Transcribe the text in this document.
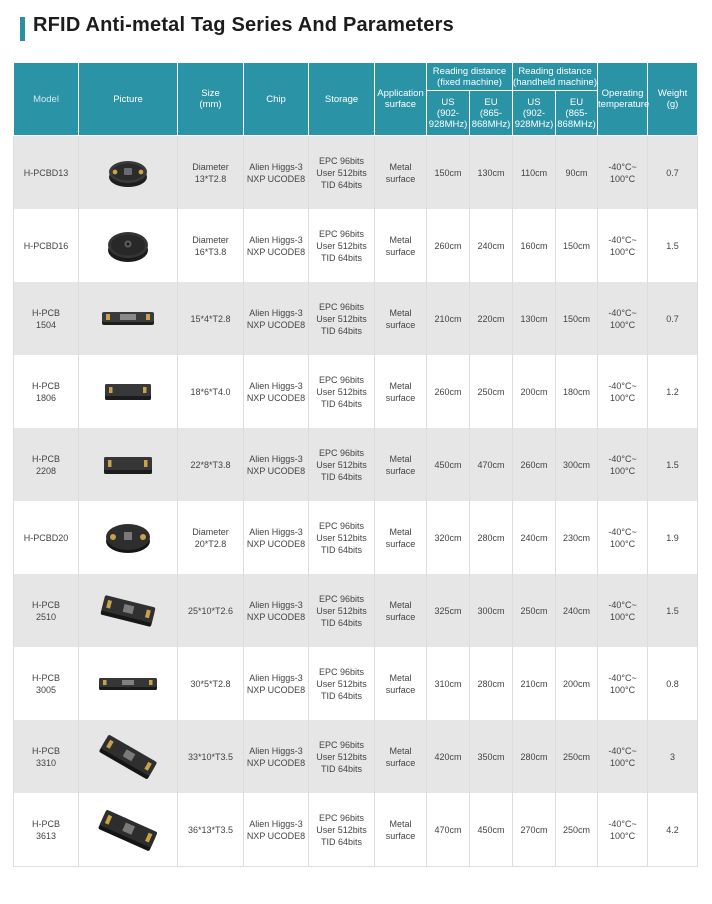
RFID Anti-metal Tag Series And Parameters
Model	Picture	Size
(mm)	Chip	Storage	Application
surface	Reading distance
(fixed machine)		Reading distance
(handheld machine)		Operating
temperature	Weight
(g)
						US
(902-
928MHz)	EU
(865-
868MHz)	US
(902-
928MHz)	EU
(865-
868MHz)		
H-PCBD13		Diameter
13*T2.8	Alien Higgs-3
NXP UCODE8	EPC 96bits
User 512bits
TID 64bits	Metal
surface	150cm	130cm	110cm	90cm	-40°C~
100°C	0.7
H-PCBD16		Diameter
16*T3.8	Alien Higgs-3
NXP UCODE8	EPC 96bits
User 512bits
TID 64bits	Metal
surface	260cm	240cm	160cm	150cm	-40°C~
100°C	1.5
H-PCB
1504		15*4*T2.8	Alien Higgs-3
NXP UCODE8	EPC 96bits
User 512bits
TID 64bits	Metal
surface	210cm	220cm	130cm	150cm	-40°C~
100°C	0.7
H-PCB
1806		18*6*T4.0	Alien Higgs-3
NXP UCODE8	EPC 96bits
User 512bits
TID 64bits	Metal
surface	260cm	250cm	200cm	180cm	-40°C~
100°C	1.2
H-PCB
2208		22*8*T3.8	Alien Higgs-3
NXP UCODE8	EPC 96bits
User 512bits
TID 64bits	Metal
surface	450cm	470cm	260cm	300cm	-40°C~
100°C	1.5
H-PCBD20		Diameter
20*T2.8	Alien Higgs-3
NXP UCODE8	EPC 96bits
User 512bits
TID 64bits	Metal
surface	320cm	280cm	240cm	230cm	-40°C~
100°C	1.9
H-PCB
2510		25*10*T2.6	Alien Higgs-3
NXP UCODE8	EPC 96bits
User 512bits
TID 64bits	Metal
surface	325cm	300cm	250cm	240cm	-40°C~
100°C	1.5
H-PCB
3005		30*5*T2.8	Alien Higgs-3
NXP UCODE8	EPC 96bits
User 512bits
TID 64bits	Metal
surface	310cm	280cm	210cm	200cm	-40°C~
100°C	0.8
H-PCB
3310		33*10*T3.5	Alien Higgs-3
NXP UCODE8	EPC 96bits
User 512bits
TID 64bits	Metal
surface	420cm	350cm	280cm	250cm	-40°C~
100°C	3
H-PCB
3613		36*13*T3.5	Alien Higgs-3
NXP UCODE8	EPC 96bits
User 512bits
TID 64bits	Metal
surface	470cm	450cm	270cm	250cm	-40°C~
100°C	4.2
